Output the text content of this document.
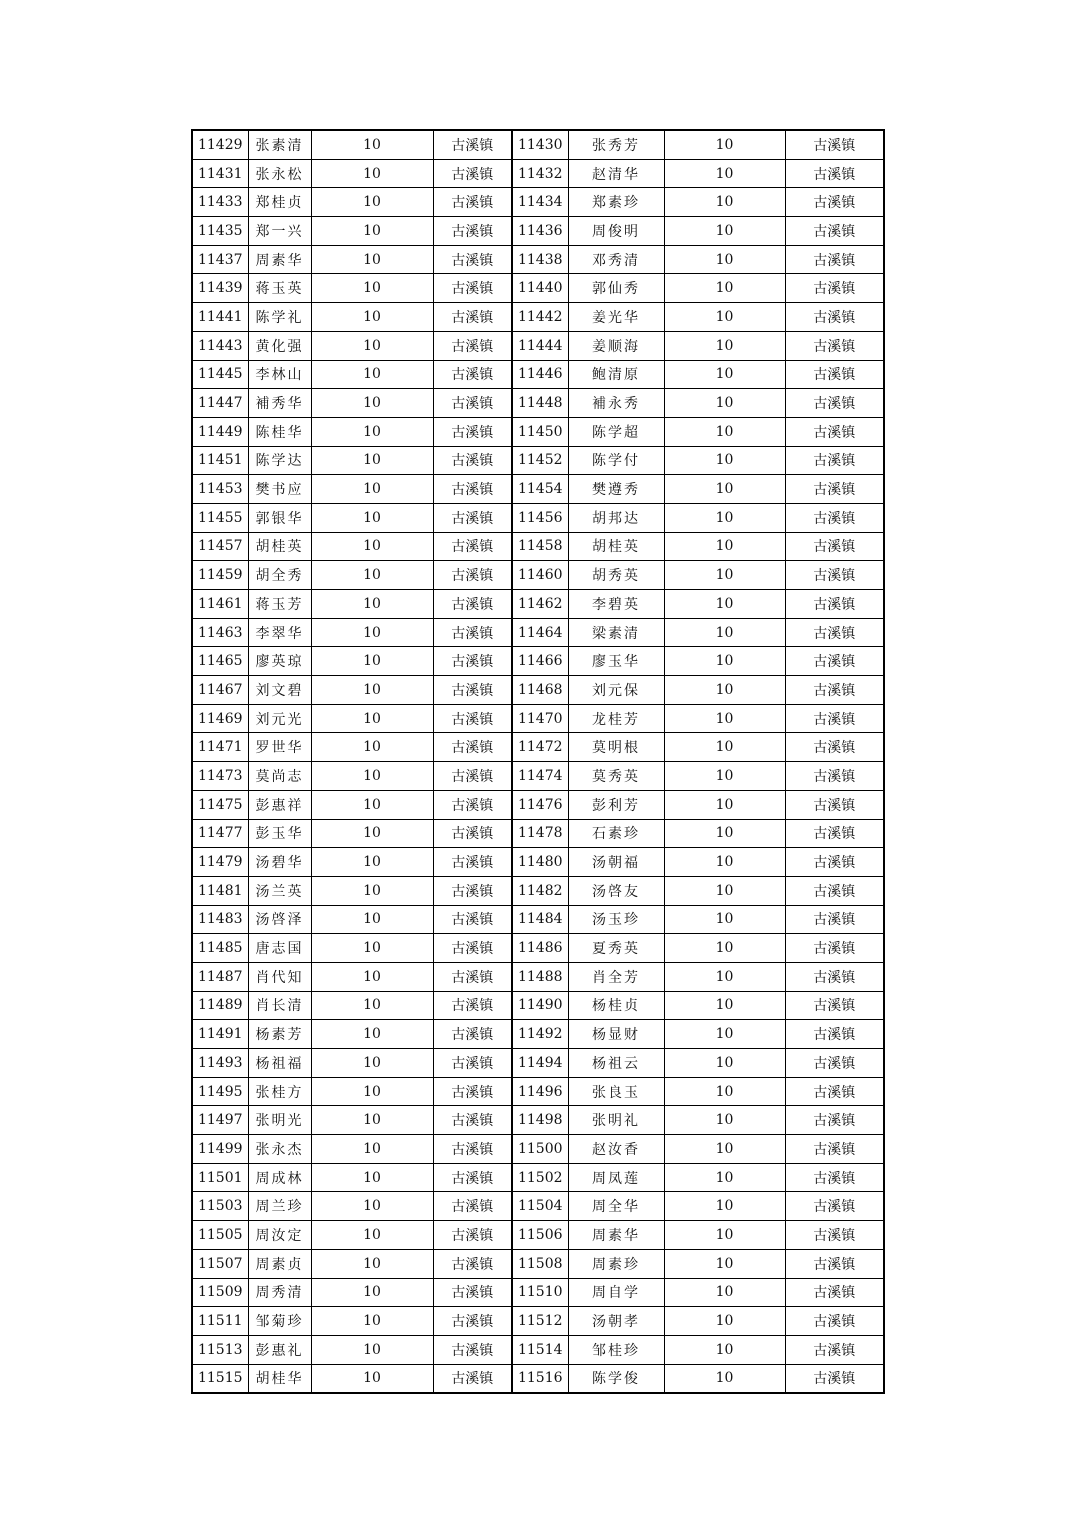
11429	张素清	10	古溪镇	11430	张秀芳	10	古溪镇
11431	张永松	10	古溪镇	11432	赵清华	10	古溪镇
11433	郑桂贞	10	古溪镇	11434	郑素珍	10	古溪镇
11435	郑一兴	10	古溪镇	11436	周俊明	10	古溪镇
11437	周素华	10	古溪镇	11438	邓秀清	10	古溪镇
11439	蒋玉英	10	古溪镇	11440	郭仙秀	10	古溪镇
11441	陈学礼	10	古溪镇	11442	姜光华	10	古溪镇
11443	黄化强	10	古溪镇	11444	姜顺海	10	古溪镇
11445	李林山	10	古溪镇	11446	鲍清原	10	古溪镇
11447	補秀华	10	古溪镇	11448	補永秀	10	古溪镇
11449	陈桂华	10	古溪镇	11450	陈学超	10	古溪镇
11451	陈学达	10	古溪镇	11452	陈学付	10	古溪镇
11453	樊书应	10	古溪镇	11454	樊遵秀	10	古溪镇
11455	郭银华	10	古溪镇	11456	胡邦达	10	古溪镇
11457	胡桂英	10	古溪镇	11458	胡桂英	10	古溪镇
11459	胡全秀	10	古溪镇	11460	胡秀英	10	古溪镇
11461	蒋玉芳	10	古溪镇	11462	李碧英	10	古溪镇
11463	李翠华	10	古溪镇	11464	梁素清	10	古溪镇
11465	廖英琼	10	古溪镇	11466	廖玉华	10	古溪镇
11467	刘文碧	10	古溪镇	11468	刘元保	10	古溪镇
11469	刘元光	10	古溪镇	11470	龙桂芳	10	古溪镇
11471	罗世华	10	古溪镇	11472	莫明根	10	古溪镇
11473	莫尚志	10	古溪镇	11474	莫秀英	10	古溪镇
11475	彭惠祥	10	古溪镇	11476	彭利芳	10	古溪镇
11477	彭玉华	10	古溪镇	11478	石素珍	10	古溪镇
11479	汤碧华	10	古溪镇	11480	汤朝福	10	古溪镇
11481	汤兰英	10	古溪镇	11482	汤啓友	10	古溪镇
11483	汤啓泽	10	古溪镇	11484	汤玉珍	10	古溪镇
11485	唐志国	10	古溪镇	11486	夏秀英	10	古溪镇
11487	肖代知	10	古溪镇	11488	肖全芳	10	古溪镇
11489	肖长清	10	古溪镇	11490	杨桂贞	10	古溪镇
11491	杨素芳	10	古溪镇	11492	杨显财	10	古溪镇
11493	杨祖福	10	古溪镇	11494	杨祖云	10	古溪镇
11495	张桂方	10	古溪镇	11496	张良玉	10	古溪镇
11497	张明光	10	古溪镇	11498	张明礼	10	古溪镇
11499	张永杰	10	古溪镇	11500	赵汝香	10	古溪镇
11501	周成林	10	古溪镇	11502	周凤莲	10	古溪镇
11503	周兰珍	10	古溪镇	11504	周全华	10	古溪镇
11505	周汝定	10	古溪镇	11506	周素华	10	古溪镇
11507	周素贞	10	古溪镇	11508	周素珍	10	古溪镇
11509	周秀清	10	古溪镇	11510	周自学	10	古溪镇
11511	邹菊珍	10	古溪镇	11512	汤朝孝	10	古溪镇
11513	彭惠礼	10	古溪镇	11514	邹桂珍	10	古溪镇
11515	胡桂华	10	古溪镇	11516	陈学俊	10	古溪镇
